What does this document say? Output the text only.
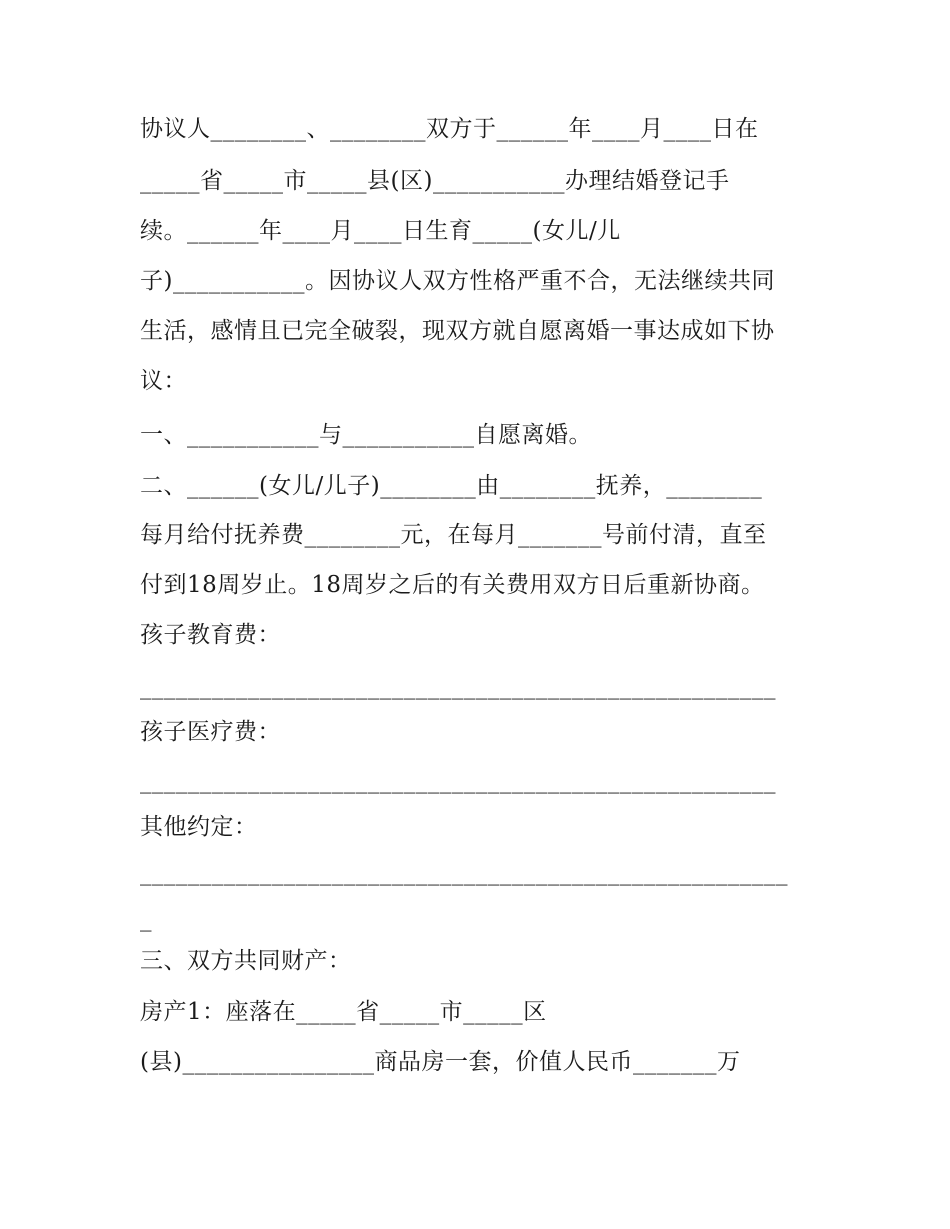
协议人________、________双方于______年____月____日在
_____省_____市_____县(区)___________办理结婚登记手
续。______年____月____日生育_____(女儿/儿
子)___________。因协议人双方性格严重不合，无法继续共同
生活，感情且已完全破裂，现双方就自愿离婚一事达成如下协
议：
一、___________与___________自愿离婚。
二、______(女儿/儿子)________由________抚养，________
每月给付抚养费________元，在每月_______号前付清，直至
付到18周岁止。18周岁之后的有关费用双方日后重新协商。
孩子教育费：
_____________________________________________________
孩子医疗费：
_____________________________________________________
其他约定：
______________________________________________________
_
三、双方共同财产：
房产1：座落在_____省_____市_____区
(县)________________商品房一套，价值人民币_______万
